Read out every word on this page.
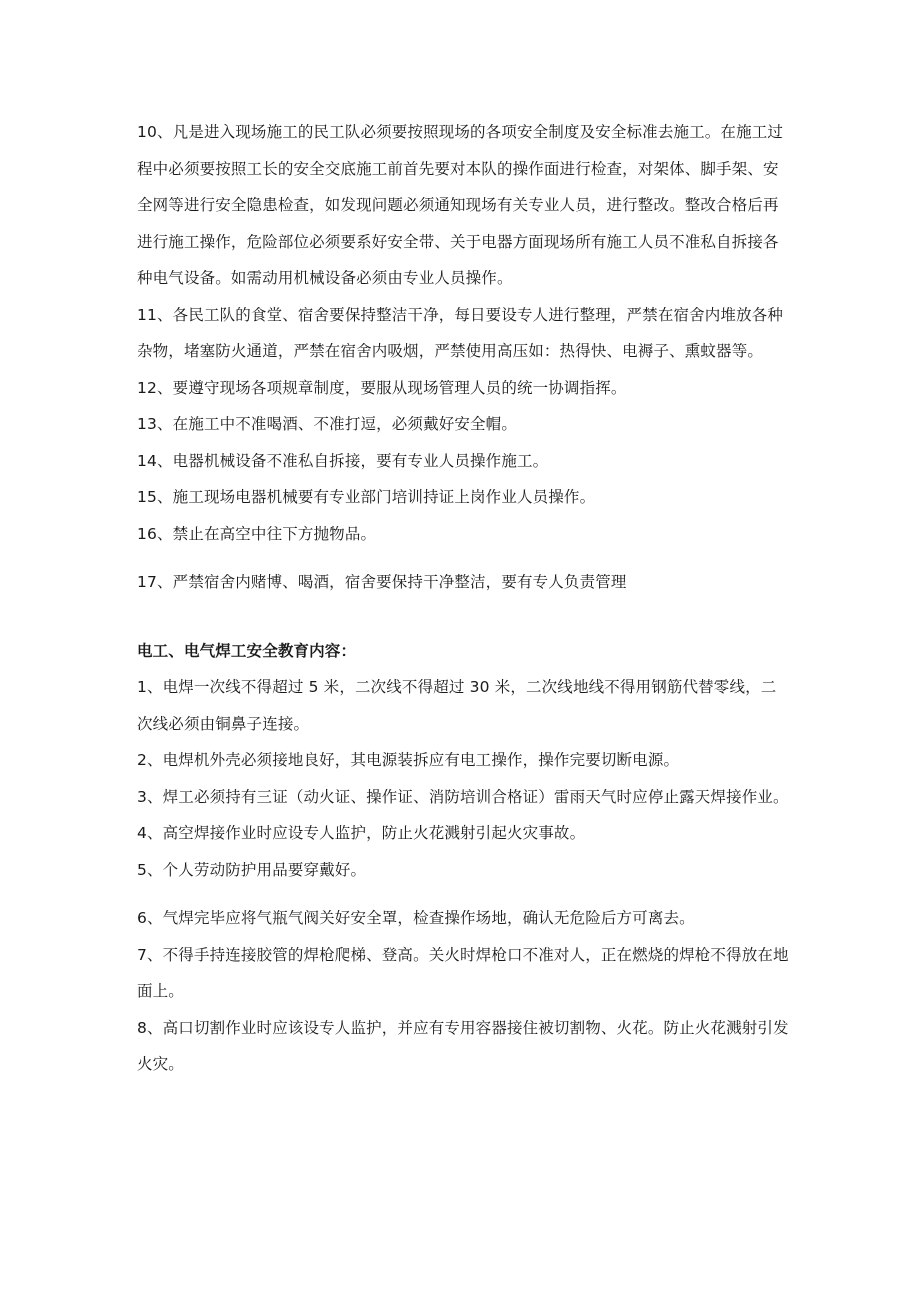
10、凡是进入现场施工的民工队必须要按照现场的各项安全制度及安全标准去施工。在施工过程中必须要按照工长的安全交底施工前首先要对本队的操作面进行检查，对架体、脚手架、安全网等进行安全隐患检查，如发现问题必须通知现场有关专业人员，进行整改。整改合格后再进行施工操作，危险部位必须要系好安全带、关于电器方面现场所有施工人员不准私自拆接各种电气设备。如需动用机械设备必须由专业人员操作。

11、各民工队的食堂、宿舍要保持整洁干净，每日要设专人进行整理，严禁在宿舍内堆放各种杂物，堵塞防火通道，严禁在宿舍内吸烟，严禁使用高压如：热得快、电褥子、熏蚊器等。

12、要遵守现场各项规章制度，要服从现场管理人员的统一协调指挥。

13、在施工中不准喝酒、不准打逗，必须戴好安全帽。

14、电器机械设备不准私自拆接，要有专业人员操作施工。

15、施工现场电器机械要有专业部门培训持证上岗作业人员操作。

16、禁止在高空中往下方抛物品。

17、严禁宿舍内赌博、喝酒，宿舍要保持干净整洁，要有专人负责管理

电工、电气焊工安全教育内容：

1、电焊一次线不得超过 5 米，二次线不得超过 30 米，二次线地线不得用钢筋代替零线，二次线必须由铜鼻子连接。

2、电焊机外壳必须接地良好，其电源装拆应有电工操作，操作完要切断电源。

3、焊工必须持有三证（动火证、操作证、消防培训合格证）雷雨天气时应停止露天焊接作业。

4、高空焊接作业时应设专人监护，防止火花溅射引起火灾事故。

5、个人劳动防护用品要穿戴好。

6、气焊完毕应将气瓶气阀关好安全罩，检查操作场地，确认无危险后方可离去。

7、不得手持连接胶管的焊枪爬梯、登高。关火时焊枪口不准对人，正在燃烧的焊枪不得放在地面上。

8、高口切割作业时应该设专人监护，并应有专用容器接住被切割物、火花。防止火花溅射引发火灾。
